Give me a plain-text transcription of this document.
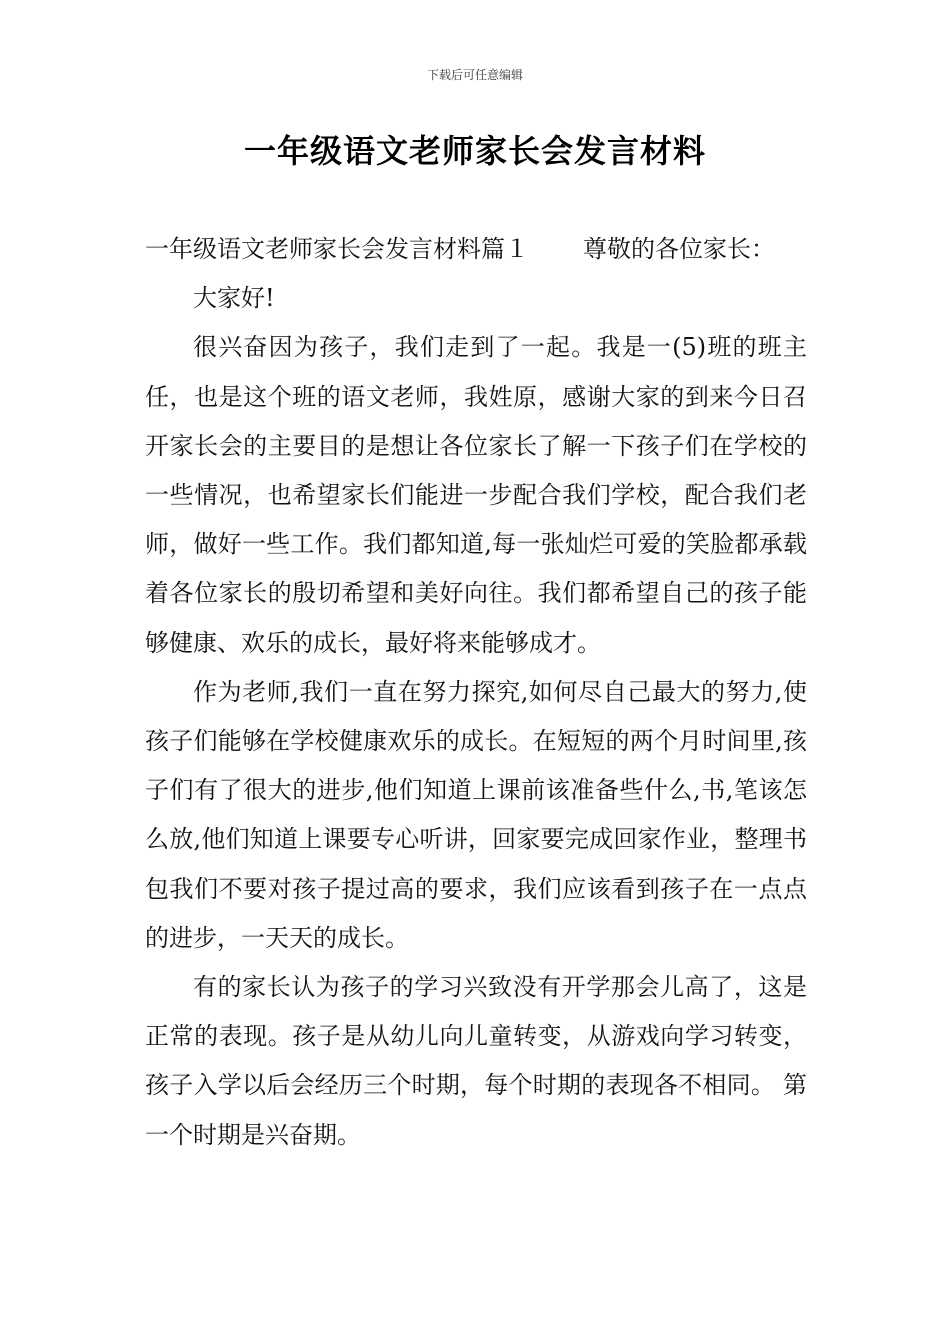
下载后可任意编辑
一年级语文老师家长会发言材料

一年级语文老师家长会发言材料篇１ 尊敬的各位家长：

大家好!

很兴奋因为孩子，我们走到了一起。我是一(5)班的班主任，也是这个班的语文老师，我姓原，感谢大家的到来今日召开家长会的主要目的是想让各位家长了解一下孩子们在学校的一些情况，也希望家长们能进一步配合我们学校，配合我们老师，做好一些工作。我们都知道,每一张灿烂可爱的笑脸都承载着各位家长的殷切希望和美好向往。我们都希望自己的孩子能够健康、欢乐的成长，最好将来能够成才。

作为老师,我们一直在努力探究,如何尽自己最大的努力,使孩子们能够在学校健康欢乐的成长。在短短的两个月时间里,孩子们有了很大的进步,他们知道上课前该准备些什么,书,笔该怎么放,他们知道上课要专心听讲，回家要完成回家作业，整理书包我们不要对孩子提过高的要求，我们应该看到孩子在一点点的进步，一天天的成长。

有的家长认为孩子的学习兴致没有开学那会儿高了，这是正常的表现。孩子是从幼儿向儿童转变，从游戏向学习转变，孩子入学以后会经历三个时期，每个时期的表现各不相同。 第一个时期是兴奋期。
